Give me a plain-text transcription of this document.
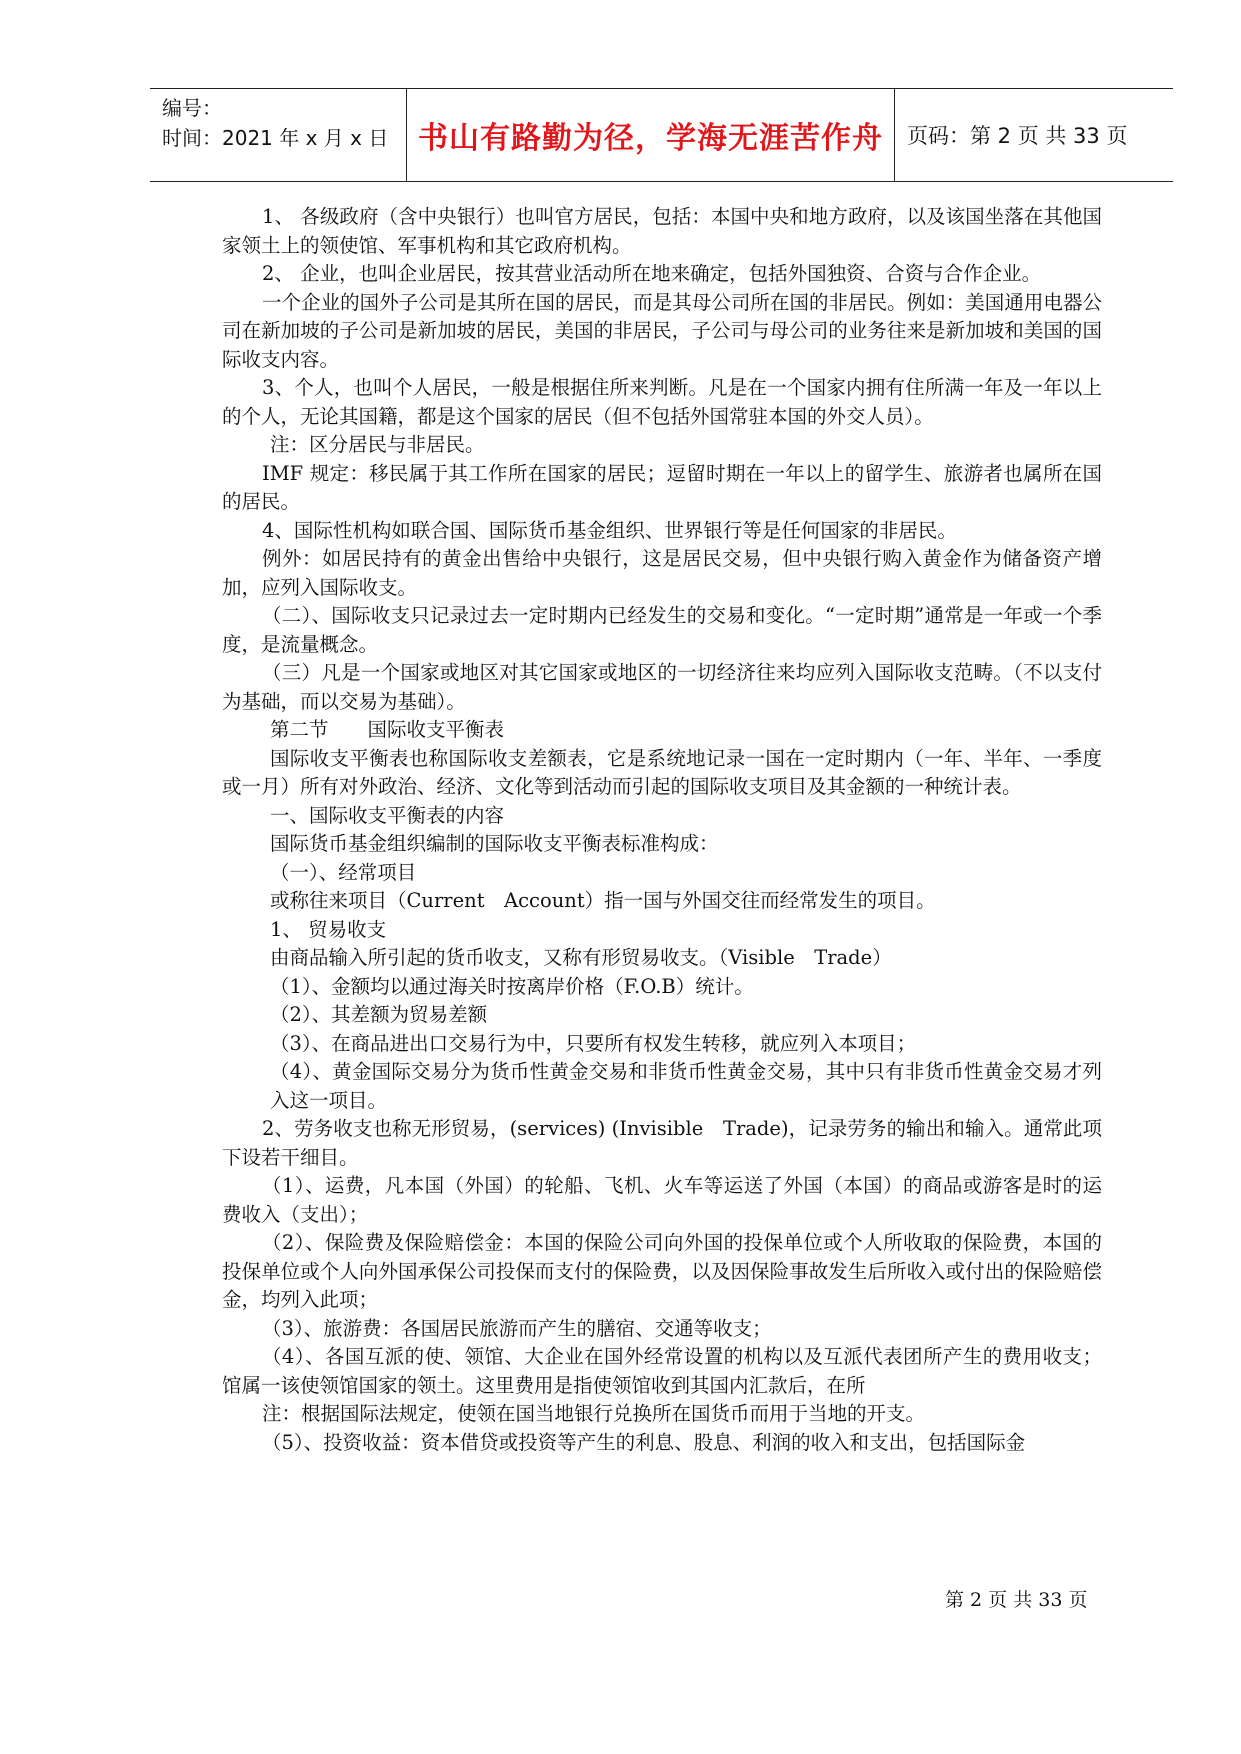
编号：
时间：2021 年 x 月 x 日 书山有路勤为径，学海无涯苦作舟	页码：第 2 页 共 33 页

1、 各级政府（含中央银行）也叫官方居民，包括：本国中央和地方政府，以及该国坐落在其他国家领土上的领使馆、军事机构和其它政府机构。

2、 企业，也叫企业居民，按其营业活动所在地来确定，包括外国独资、合资与合作企业。

一个企业的国外子公司是其所在国的居民，而是其母公司所在国的非居民。例如：美国通用电器公司在新加坡的子公司是新加坡的居民，美国的非居民，子公司与母公司的业务往来是新加坡和美国的国际收支内容。

3、个人，也叫个人居民，一般是根据住所来判断。凡是在一个国家内拥有住所满一年及一年以上的个人，无论其国籍，都是这个国家的居民（但不包括外国常驻本国的外交人员）。

注：区分居民与非居民。

IMF 规定：移民属于其工作所在国家的居民；逗留时期在一年以上的留学生、旅游者也属所在国的居民。

4、国际性机构如联合国、国际货币基金组织、世界银行等是任何国家的非居民。

例外：如居民持有的黄金出售给中央银行，这是居民交易，但中央银行购入黄金作为储备资产增加，应列入国际收支。

（二）、国际收支只记录过去一定时期内已经发生的交易和变化。“一定时期”通常是一年或一个季度，是流量概念。

（三）凡是一个国家或地区对其它国家或地区的一切经济往来均应列入国际收支范畴。（不以支付为基础，而以交易为基础）。

第二节　　国际收支平衡表

国际收支平衡表也称国际收支差额表，它是系统地记录一国在一定时期内（一年、半年、一季度或一月）所有对外政治、经济、文化等到活动而引起的国际收支项目及其金额的一种统计表。

一、国际收支平衡表的内容

国际货币基金组织编制的国际收支平衡表标准构成：

（一）、经常项目

或称往来项目（Current　Account）指一国与外国交往而经常发生的项目。

1、 贸易收支

由商品输入所引起的货币收支，又称有形贸易收支。（Visible　Trade）

（1）、金额均以通过海关时按离岸价格（F.O.B）统计。

（2）、其差额为贸易差额

（3）、在商品进出口交易行为中，只要所有权发生转移，就应列入本项目；

（4）、黄金国际交易分为货币性黄金交易和非货币性黄金交易，其中只有非货币性黄金交易才列入这一项目。

2、劳务收支也称无形贸易，(services) (Invisible　Trade)，记录劳务的输出和输入。通常此项下设若干细目。

（1）、运费，凡本国（外国）的轮船、飞机、火车等运送了外国（本国）的商品或游客是时的运费收入（支出）；

（2）、保险费及保险赔偿金：本国的保险公司向外国的投保单位或个人所收取的保险费，本国的投保单位或个人向外国承保公司投保而支付的保险费，以及因保险事故发生后所收入或付出的保险赔偿金，均列入此项；

（3）、旅游费：各国居民旅游而产生的膳宿、交通等收支；

（4）、各国互派的使、领馆、大企业在国外经常设置的机构以及互派代表团所产生的费用收支；馆属一该使领馆国家的领土。这里费用是指使领馆收到其国内汇款后，在所

注：根据国际法规定，使领在国当地银行兑换所在国货币而用于当地的开支。

（5）、投资收益：资本借贷或投资等产生的利息、股息、利润的收入和支出，包括国际金

第 2 页 共 33 页
